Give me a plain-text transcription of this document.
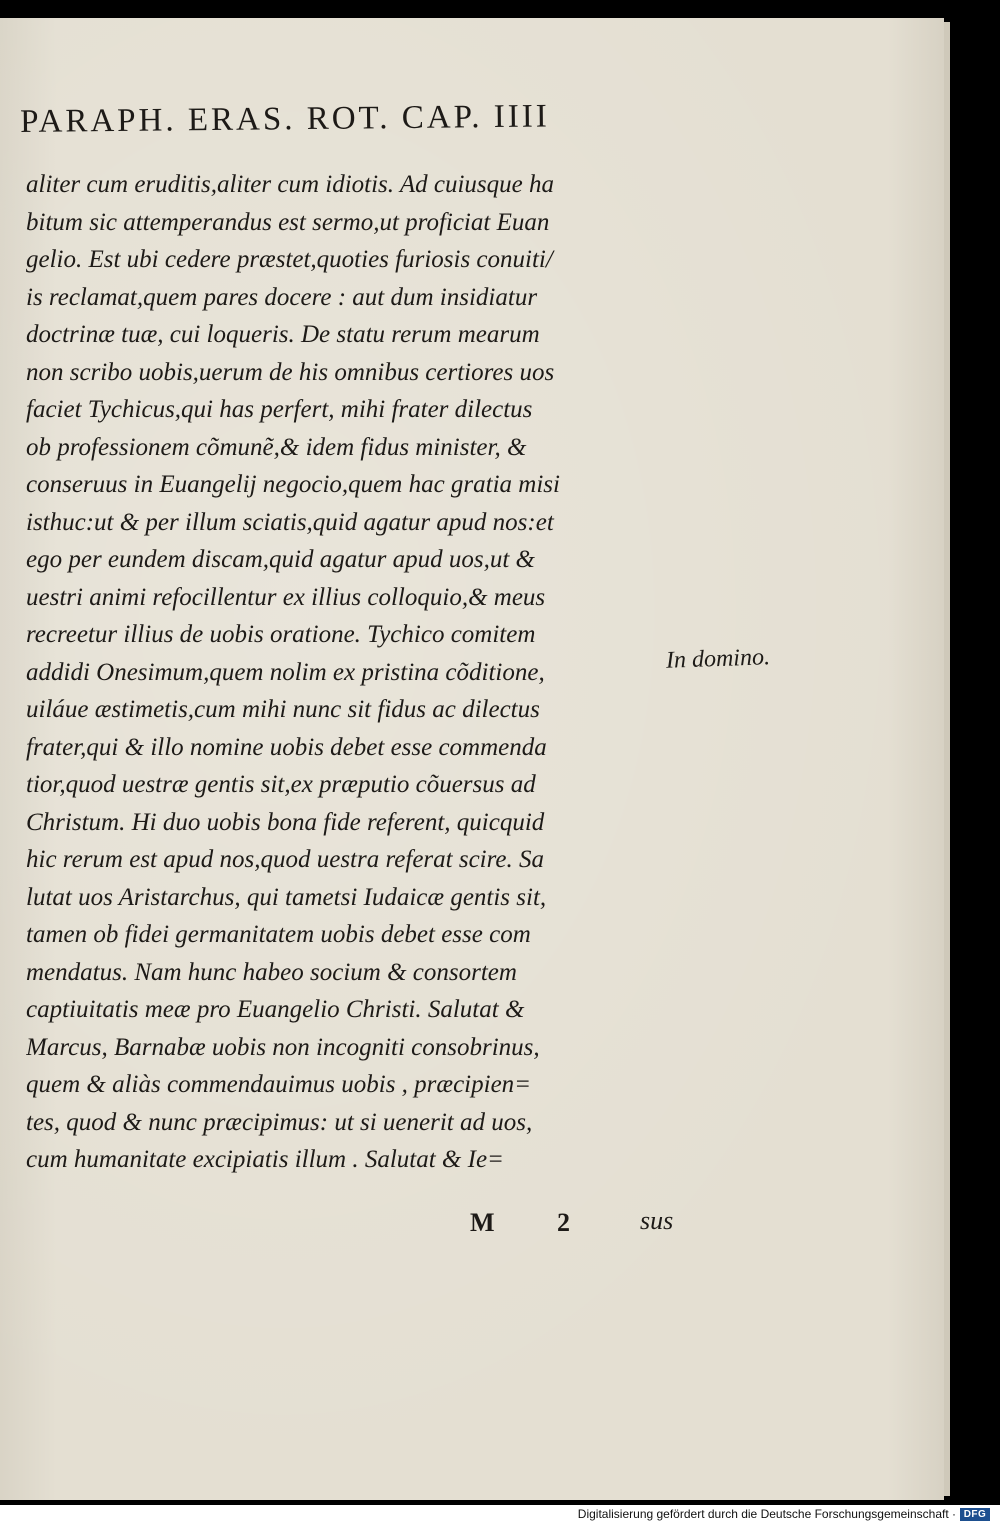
PARAPH. ERAS. ROT. CAP. IIII
aliter cum eruditis,aliter cum idiotis. Ad cuiusque ha
bitum sic attemperandus est sermo,ut proficiat Euan
gelio. Est ubi cedere præstet,quoties furiosis conuiti/
is reclamat,quem pares docere : aut dum insidiatur
doctrinæ tuæ, cui loqueris. De statu rerum mearum
non scribo uobis,uerum de his omnibus certiores uos
faciet Tychicus,qui has perfert, mihi frater dilectus
ob professionem cõmunẽ,& idem fidus minister, &
conseruus in Euangelij negocio,quem hac gratia misi
isthuc:ut & per illum sciatis,quid agatur apud nos:et
ego per eundem discam,quid agatur apud uos,ut &
uestri animi refocillentur ex illius colloquio,& meus
recreetur illius de uobis oratione. Tychico comitem
addidi Onesimum,quem nolim ex pristina cõditione,
uiláue æstimetis,cum mihi nunc sit fidus ac dilectus
frater,qui & illo nomine uobis debet esse commenda
tior,quod uestræ gentis sit,ex præputio cõuersus ad
Christum. Hi duo uobis bona fide referent, quicquid
hic rerum est apud nos,quod uestra referat scire. Sa
lutat uos Aristarchus, qui tametsi Iudaicæ gentis sit,
tamen ob fidei germanitatem uobis debet esse com
mendatus. Nam hunc habeo socium & consortem
captiuitatis meæ pro Euangelio Christi. Salutat &
Marcus, Barnabæ uobis non incogniti consobrinus,
quem & aliàs commendauimus uobis , præcipien=
tes, quod & nunc præcipimus: ut si uenerit ad uos,
cum humanitate excipiatis illum . Salutat & Ie=
In domino.
M 2 sus
Digitalisierung gefördert durch die Deutsche Forschungsgemeinschaft · DFG
